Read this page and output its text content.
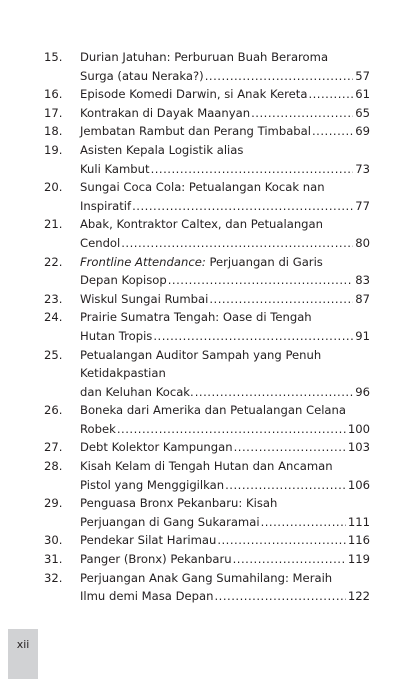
15.	Durian Jatuhan: Perburuan Buah Beraroma
Surga (atau Neraka?) .....	57
16.	Episode Komedi Darwin, si Anak Kereta .....	61
17.	Kontrakan di Dayak Maanyan .....	65
18.	Jembatan Rambut dan Perang Timbabal .....	69
19.	Asisten Kepala Logistik alias
Kuli Kambut .....	73
20.	Sungai Coca Cola: Petualangan Kocak nan
Inspiratif .....	77
21.	Abak, Kontraktor Caltex, dan Petualangan
Cendol .....	80
22.	Frontline Attendance: Perjuangan di Garis
Depan Kopisop .....	83
23.	Wiskul Sungai Rumbai .....	87
24.	Prairie Sumatra Tengah: Oase di Tengah
Hutan Tropis .....	91
25.	Petualangan Auditor Sampah yang Penuh
Ketidakpastian
dan Keluhan Kocak. .....	96
26.	Boneka dari Amerika dan Petualangan Celana
Robek .....	100
27.	Debt Kolektor Kampungan .....	103
28.	Kisah Kelam di Tengah Hutan dan Ancaman
Pistol yang Menggigilkan .....	106
29.	Penguasa Bronx Pekanbaru: Kisah
Perjuangan di Gang Sukaramai .....	111
30.	Pendekar Silat Harimau .....	116
31.	Panger (Bronx) Pekanbaru .....	119
32.	Perjuangan Anak Gang Sumahilang: Meraih
Ilmu demi Masa Depan .....	122
xii
